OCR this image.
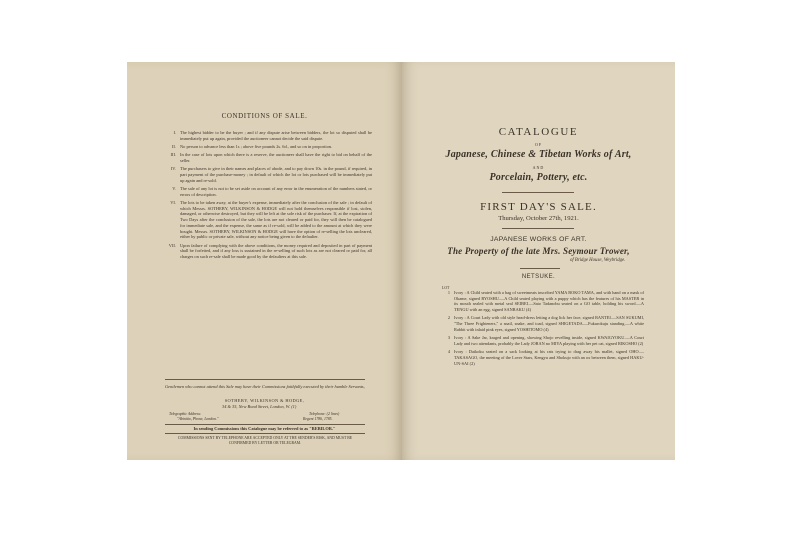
CONDITIONS OF SALE.
I. The highest bidder to be the buyer ; and if any dispute arise between bidders, the lot so disputed shall be immediately put up again, provided the auctioneer cannot decide the said dispute.
II. No person to advance less than 1s ; above five pounds 2s. 6d., and so on in proportion.
III. In the case of lots upon which there is a reserve, the auctioneer shall have the right to bid on behalf of the seller.
IV. The purchasers to give in their names and places of abode, and to pay down 10s. in the pound, if required, in part payment of the purchase-money ; in default of which the lot or lots purchased will be immediately put up again and re-sold.
V. The sale of any lot is not to be set aside on account of any error in the enumeration of the numbers stated, or errors of description.
VI. The lots to be taken away, at the buyer's expense, immediately after the conclusion of the sale ; in default of which Messrs. SOTHEBY, WILKINSON & HODGE will not hold themselves responsible if lost, stolen, damaged, or otherwise destroyed, but they will be left at the sole risk of the purchaser. If, at the expiration of Two Days after the conclusion of the sale, the lots are not cleared or paid for, they will then be catalogued for immediate sale, and the expense, the same as if re-sold, will be added to the amount at which they were bought. Messrs. SOTHEBY, WILKINSON & HODGE will have the option of re-selling the lots uncleared, either by public or private sale, without any notice being given to the defaulter.
VII. Upon failure of complying with the above conditions, the money required and deposited in part of payment shall be forfeited, and if any loss is sustained in the re-selling of such lots as are not cleared or paid for, all charges on such re-sale shall be made good by the defaulters at this sale.
Gentlemen who cannot attend this Sale may have their Commissions faithfully executed by their humble Servants,
SOTHEBY, WILKINSON & HODGE,
34 & 35, New Bond Street, London, W. (1)
Telegraphic Address:
"Abinitio, Phone, London."
Telephone: (2 lines)
Regent 1786, 1785.
In sending Commissions this Catalogue may be referred to as "REBILOR."
COMMISSIONS SENT BY TELEPHONE ARE ACCEPTED ONLY AT THE SENDER'S RISK, AND MUST BE CONFIRMED BY LETTER OR TELEGRAM.
CATALOGUE
OF
Japanese, Chinese & Tibetan Works of Art,
AND
Porcelain, Pottery, etc.
FIRST DAY'S SALE.
Thursday, October 27th, 1921.
JAPANESE WORKS OF ART.
The Property of the late Mrs. Seymour Trower,
of Bridge House, Weybridge.
NETSUKE.
LOT
1 Ivory : A Child seated with a bag of sweetmeats inscribed YAMA BOKO TAMA, and with hand on a mask of Okame, signed RYOSHU.—A Child seated playing with a puppy which has the features of his MASTER in its mouth sealed with metal seal SEIBEI.—Sato Tadanobu seated on a GO table, holding his sword.—A TENGU with an egg, signed SANRAKU (4)
2 Ivory : A Court Lady with old style head-dress letting a dog lick her face, signed RANTEI.—SAN SUKUMI, "The Three Frighteners," a snail, snake, and toad, signed SHIGETADA.—Fukurokuju standing.—A white Rabbit with inlaid pink eyes, signed YOSHITOMO (4)
3 Ivory : A Sake Jar, kraged and opening, showing Shojo revelling inside, signed KWAIGYOKU.—A Court Lady and two attendants, probably the Lady JORAN no MIYA playing with her pet cat, signed RIKOSHO (2)
4 Ivory : Daikoku seated on a sack looking at his rats trying to drag away his mallet, signed OHO.—TAKASAGO, the meeting of the Lover Stars, Kengyu and Shokujo with an ox between them, signed HAKU-UN-SAI (2)
